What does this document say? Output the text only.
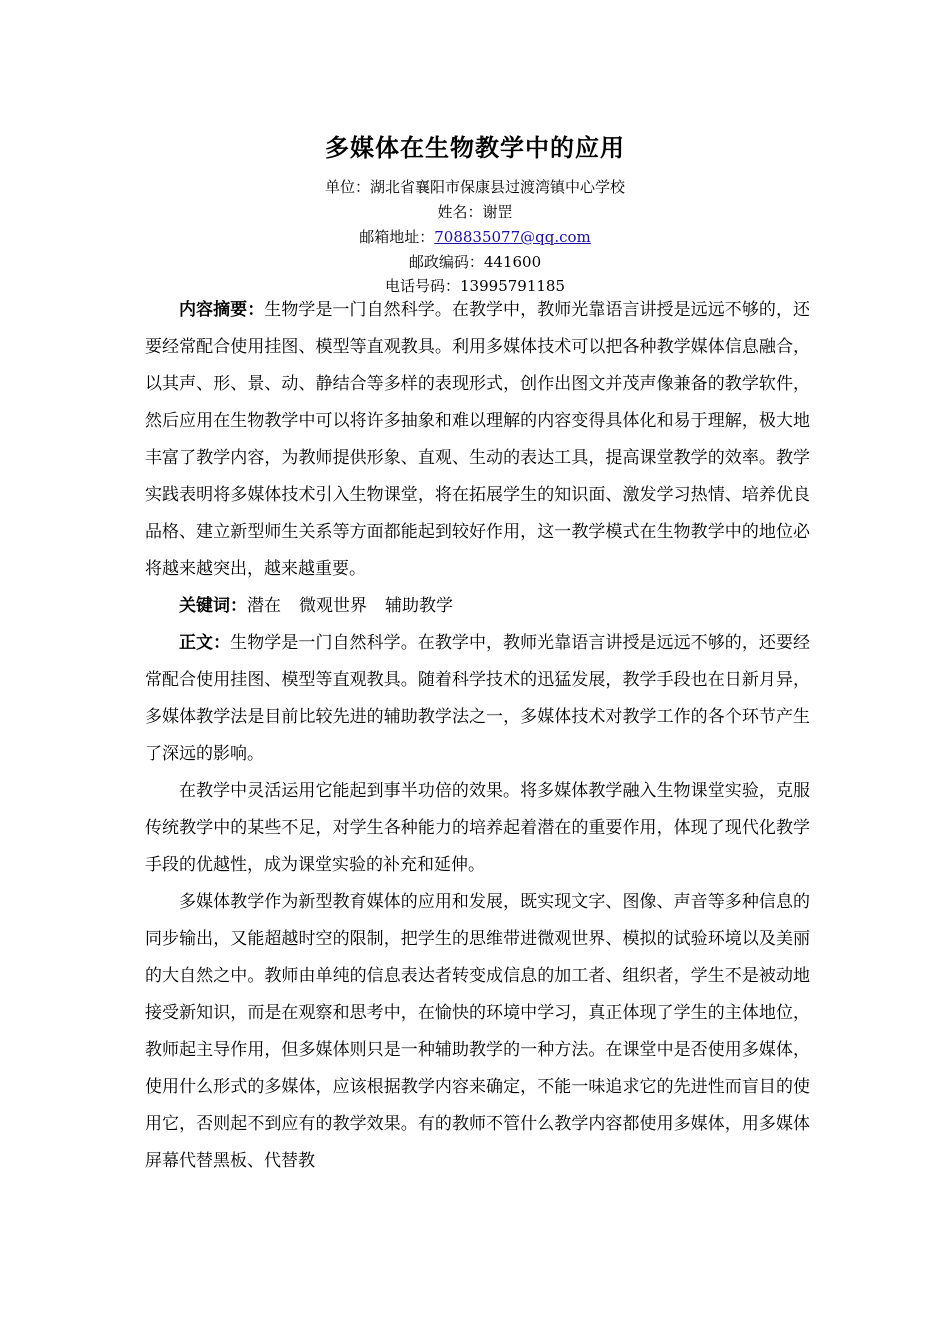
多媒体在生物教学中的应用
单位：湖北省襄阳市保康县过渡湾镇中心学校
姓名：谢罡
邮箱地址：708835077@qq.com
邮政编码：441600
电话号码：13995791185

内容摘要：生物学是一门自然科学。在教学中，教师光靠语言讲授是远远不够的，还要经常配合使用挂图、模型等直观教具。利用多媒体技术可以把各种教学媒体信息融合，以其声、形、景、动、静结合等多样的表现形式，创作出图文并茂声像兼备的教学软件，然后应用在生物教学中可以将许多抽象和难以理解的内容变得具体化和易于理解，极大地丰富了教学内容，为教师提供形象、直观、生动的表达工具，提高课堂教学的效率。教学实践表明将多媒体技术引入生物课堂，将在拓展学生的知识面、激发学习热情、培养优良品格、建立新型师生关系等方面都能起到较好作用，这一教学模式在生物教学中的地位必将越来越突出，越来越重要。

关键词：潜在 微观世界 辅助教学

正文：生物学是一门自然科学。在教学中，教师光靠语言讲授是远远不够的，还要经常配合使用挂图、模型等直观教具。随着科学技术的迅猛发展，教学手段也在日新月异，多媒体教学法是目前比较先进的辅助教学法之一，多媒体技术对教学工作的各个环节产生了深远的影响。

在教学中灵活运用它能起到事半功倍的效果。将多媒体教学融入生物课堂实验，克服传统教学中的某些不足，对学生各种能力的培养起着潜在的重要作用，体现了现代化教学手段的优越性，成为课堂实验的补充和延伸。

多媒体教学作为新型教育媒体的应用和发展，既实现文字、图像、声音等多种信息的同步输出，又能超越时空的限制，把学生的思维带进微观世界、模拟的试验环境以及美丽的大自然之中。教师由单纯的信息表达者转变成信息的加工者、组织者，学生不是被动地接受新知识，而是在观察和思考中，在愉快的环境中学习，真正体现了学生的主体地位，教师起主导作用，但多媒体则只是一种辅助教学的一种方法。在课堂中是否使用多媒体，使用什么形式的多媒体，应该根据教学内容来确定，不能一味追求它的先进性而盲目的使用它，否则起不到应有的教学效果。有的教师不管什么教学内容都使用多媒体，用多媒体屏幕代替黑板、代替教
